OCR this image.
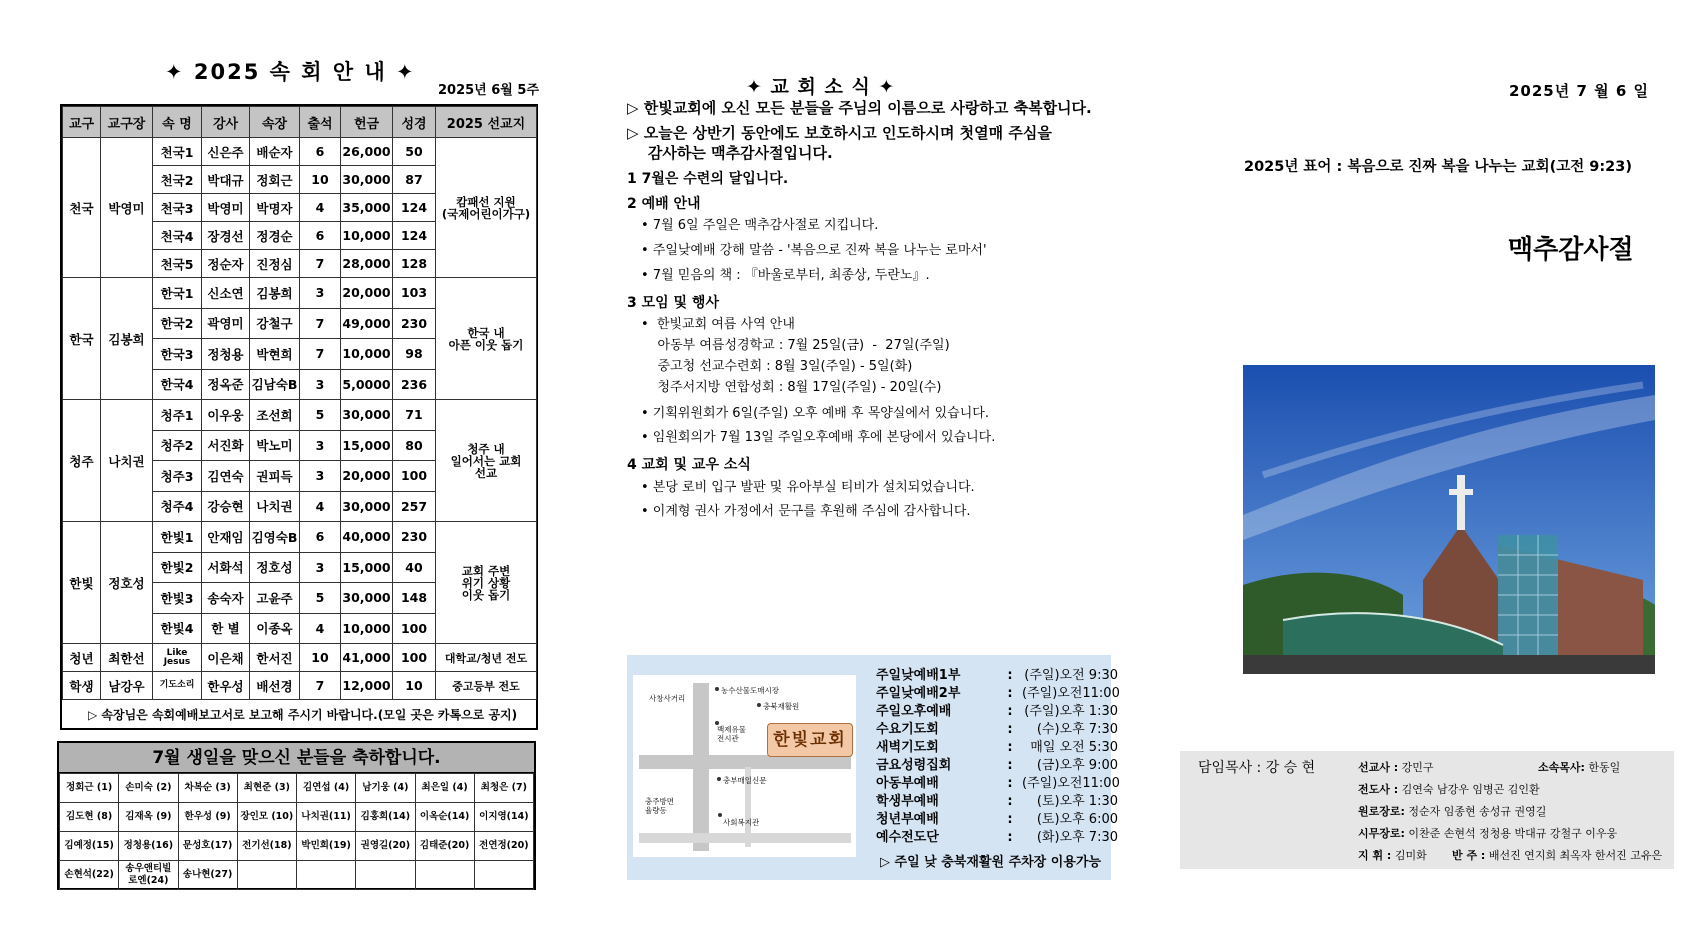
✦ 2025 속 회 안 내 ✦
2025년 6월 5주
교구	교구장	속 명	강사	속장	출석	헌금	성경	2025 선교지
천국	박영미	천국1	신은주	배순자	6	26,000	50	캄패선 지원
(국제어린이가구)
		천국2	박대규	정회근	10	30,000	87	
		천국3	박영미	박명자	4	35,000	124	
		천국4	장경선	정경순	6	10,000	124	
		천국5	정순자	진정심	7	28,000	128	
한국	김봉희	한국1	신소연	김봉희	3	20,000	103	한국 내
아픈 이웃 돕기
		한국2	곽영미	강철구	7	49,000	230	
		한국3	정청용	박현희	7	10,000	98	
		한국4	정옥준	김남숙B	3	5,0000	236	
청주	나치권	청주1	이우웅	조선희	5	30,000	71	청주 내
일어서는 교회
선교
		청주2	서진화	박노미	3	15,000	80	
		청주3	김연숙	권피득	3	20,000	100	
		청주4	강승현	나치권	4	30,000	257	
한빛	정호성	한빛1	안재임	김영숙B	6	40,000	230	교회 주변
위기 상황
이웃 돕기
		한빛2	서화석	정호성	3	15,000	40	
		한빛3	송숙자	고윤주	5	30,000	148	
		한빛4	한 별	이종옥	4	10,000	100	
청년	최한선	Like Jesus	이은채	한서진	10	41,000	100	대학교/청년 전도
학생	남강우	기도소리	한우성	배선경	7	12,000	10	중고등부 전도

▷ 속장님은 속회예배보고서로 보고해 주시기 바랍니다.(모일 곳은 카톡으로 공지)
7월 생일을 맞으신 분들을 축하합니다.
정회근 (1)	손미숙 (2)	차복순 (3)	최현준 (3)	김연섭 (4)	남기웅 (4)	최은일 (4)	최청은 (7)
김도현 (8)	김재옥 (9)	한우성 (9)	장인모 (10)	나치권(11)	김홍희(14)	이옥순(14)	이지영(14)
김예정(15)	정청용(16)	문성호(17)	전기선(18)	박민희(19)	권영길(20)	김태준(20)	전연정(20)
손현석(22)	송우앤티빌
로엔(24)	송나현(27)					
✦ 교 회 소 식 ✦
▷ 한빛교회에 오신 모든 분들을 주님의 이름으로 사랑하고 축복합니다.
▷ 오늘은 상반기 동안에도 보호하시고 인도하시며 첫열매 주심을
감사하는 맥추감사절입니다.
1 7월은 수련의 달입니다.
2 예배 안내
• 7월 6일 주일은 맥추감사절로 지킵니다.
• 주일낮예배 강해 말씀 - '복음으로 진짜 복을 나누는 로마서'
• 7월 믿음의 책 : 『바울로부터, 최종상, 두란노』.
3 모임 및 행사
•  한빛교회 여름 사역 안내
아동부 여름성경학교 : 7월 25일(금)  -  27일(주일)
중고청 선교수련회 : 8월 3일(주일) - 5일(화)
청주서지방 연합성회 : 8월 17일(주일) - 20일(수)
• 기획위원회가 6일(주일) 오후 예배 후 목양실에서 있습니다.
• 임원회의가 7월 13일 주일오후예배 후에 본당에서 있습니다.
4 교회 및 교우 소식
• 본당 로비 입구 발판 및 유아부실 티비가 설치되었습니다.
• 이계형 권사 가정에서 문구를 후원해 주심에 감사합니다.
농수산물도매시장
충북재활원
사창사거리
백제유물
전시관
충부매일신문
충주방면
율량동
사회복지관
한빛교회
주일낮예배1부	: (주일)오전 9:30
주일낮예배2부	: (주일)오전11:00
주일오후예배	: (주일)오후 1:30
수요기도회	: (수)오후 7:30
새벽기도회	: 매일 오전 5:30
금요성령집회	: (금)오후 9:00
아동부예배	: (주일)오전11:00
학생부예배	: (토)오후 1:30
청년부예배	: (토)오후 6:00
예수전도단	: (화)오후 7:30
▷ 주일 낮 충북재활원 주차장 이용가능
2025년 7 월 6 일
2025년 표어 : 복음으로 진짜 복을 나누는 교회(고전 9:23)
맥추감사절
담임목사 : 강 승 현	선교사 : 강민구	소속목사: 한동일
전도사 : 김연숙 남강우 임병곤 김인환
원로장로: 정순자 임종현 송성규 권영길
시무장로: 이찬준 손현석 정청용 박대규 강철구 이우웅
지 휘 : 김미화 반 주 : 배선진 연지희 최옥자 한서진 고유은
